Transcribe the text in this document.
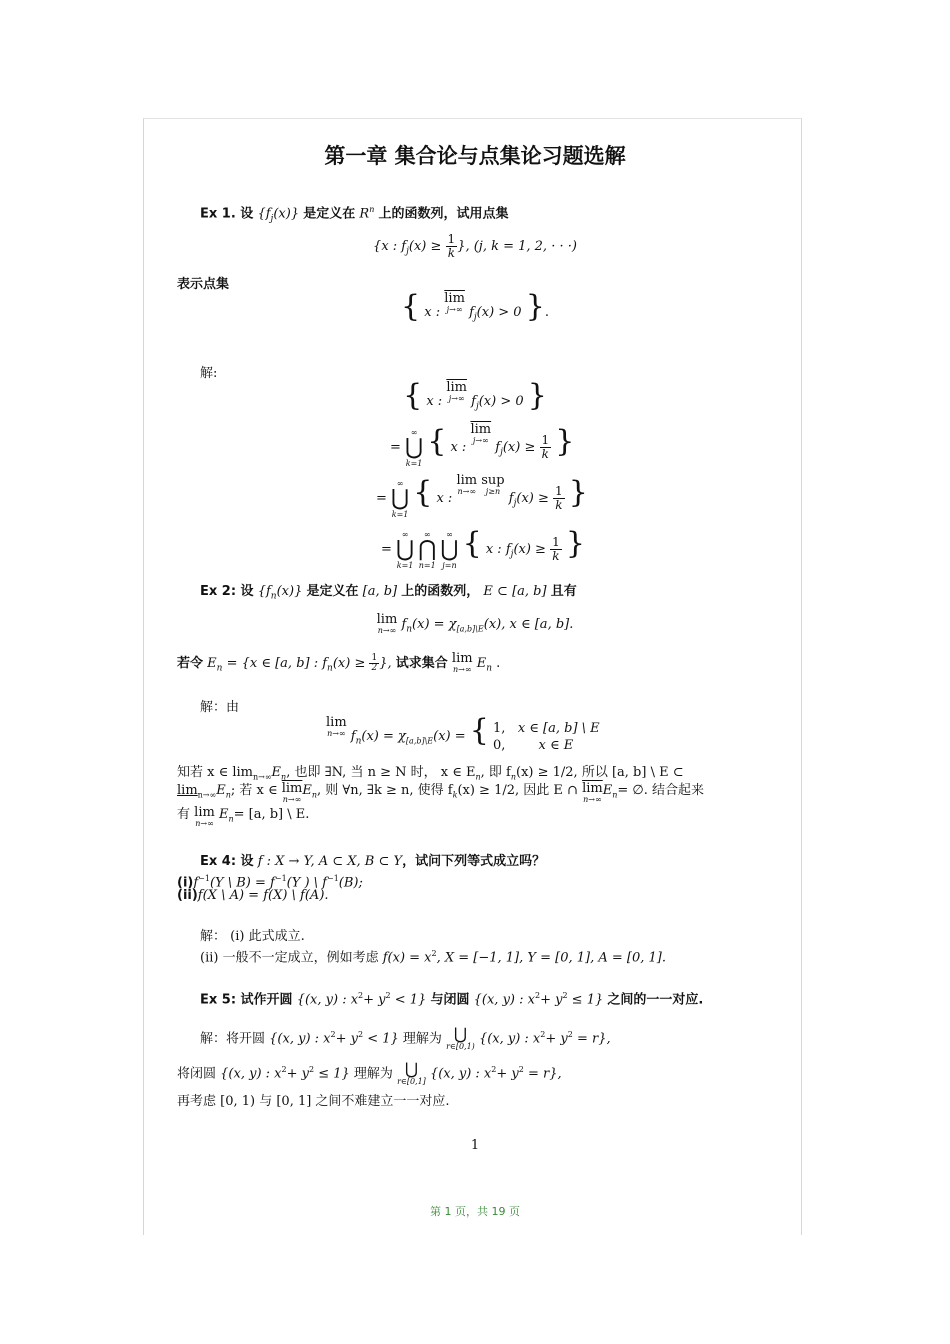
第一章 集合论与点集论习题选解
Ex 1. 设 $\{f_j(x)\}$ 是定义在 $R^n$ 上的函数列，试用点集
{x : $f_j(x) \ge \frac{1}{k}$ }, (j, k = 1, 2, · · ·)
表示点集
{ x : $\overline{lim}$
j→∞ $f_j(x) > 0$ }.
解:
{ x : $\overline{lim}$
j→∞ $f_j(x) > 0$ }
=
∞
⋃
k=1
{ x : $\overline{lim}$
j→∞ $f_j(x) \ge \frac{1}{k}$ }
=
∞
⋃
k=1
{ x : lim
n→∞
sup
j≥n $f_j(x) \ge \frac{1}{k}$ }
=
∞
⋃
k=1

∞
⋂
n=1

∞
⋃
j=n
{ x : $f_j(x) \ge \frac{1}{k}$ }
Ex 2: 设 $\{f_n(x)\}$ 是定义在 [a, b] 上的函数列， E ⊂ [a, b] 且有
lim
n→∞ $f_n(x) = \chi_{[a,b]\backslash E}(x)$, x ∈ [a, b].
若令 $E_n = \{x$ ∈ [a, b] : $f_n(x) \ge \frac{1}{2}$ }, 试求集合 lim
n→∞ $E_n$ .
解：由
lim
n→∞ $f_n(x) = \chi_{[a,b]\backslash E}(x)$ = { 1, x ∈ [a, b] \ E
0,	x ∈ E
知若 x ∈ $\lim_{n\to\infty}E_n$, 也即 ∃N, 当 n ≥ N 时， x ∈ $E_n$, 即 $f_n(x) \ge 1/2$, 所以 [a, b] \ E ⊂
$\lim_{n\to\infty}E_n$; 若 x ∈ $\overline{lim}$
n→∞
$E_n$, 则 ∀n, ∃k ≥ n, 使得 $f_k(x) \ge 1/2$, 因此 E ∩ $\overline{lim}$
n→∞
$E_n=$ ∅. 结合起来
有 lim
n→∞
$E_n= [a$, b] \ E.
Ex 4: 设 f : X → Y, A ⊂ X, B ⊂ Y，试问下列等式成立吗？
$(i)f^{-1}(Y$ \ $B) = f^{-1}(Y$ ) \ $f^{-1}(B)$;
(ii)f(X \ A) = f(X) \ f(A).
解： (i) 此式成立.
(ii) 一般不一定成立，例如考虑 $f(x) = x^2$, X = [−1, 1], Y = [0, 1], A = [0, 1].
Ex 5: 试作开圆 {(x, y) : $x^2+ y^2 < 1$} 与闭圆 {(x, y) : $x^2+ y^2 \le 1$} 之间的一一对应.
解：将开圆 {(x, y) : $x^2+ y^2 < 1$} 理解为 ⋃
r∈[0,1)
{(x, y) : $x^2+ y^2 = r$},
将闭圆 {(x, y) : $x^2+ y^2 \le 1$} 理解为 ⋃
r∈[0,1]
{(x, y) : $x^2+ y^2 = r$},
再考虑 [0, 1) 与 [0, 1] 之间不难建立一一对应.
1
第 1 页，共 19 页
